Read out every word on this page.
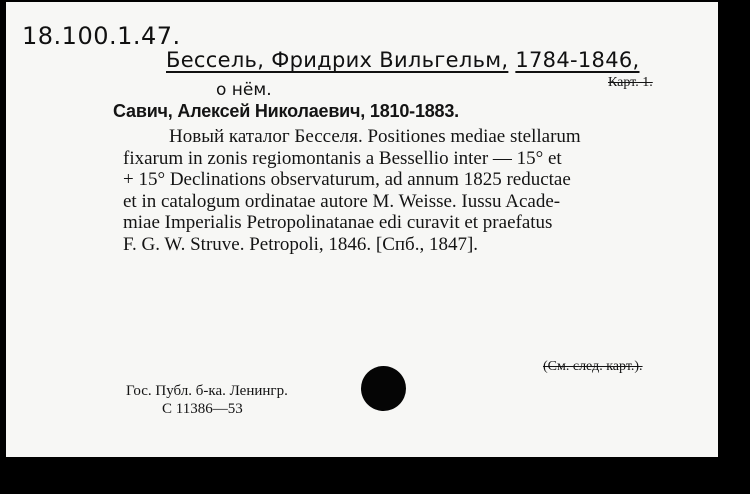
18.100.1.47.
Бессель, Фридрих Вильгельм, 1784-1846,
о нём.	Карт. 1.
Савич, Алексей Николаевич, 1810-1883.
Новый каталог Бесселя. Positiones mediae stellarum
fixarum in zonis regiomontanis a Bessellio inter — 15° et
+ 15° Declinations observaturum, ad annum 1825 reductae
et in catalogum ordinatae autore M. Weisse. Iussu Acade-
miae Imperialis Petropolinatanae edi curavit et praefatus
F. G. W. Struve. Petropoli, 1846. [Спб., 1847].
(См. след. карт.).
Гос. Публ. б-ка. Ленингр.
С 11386—53
